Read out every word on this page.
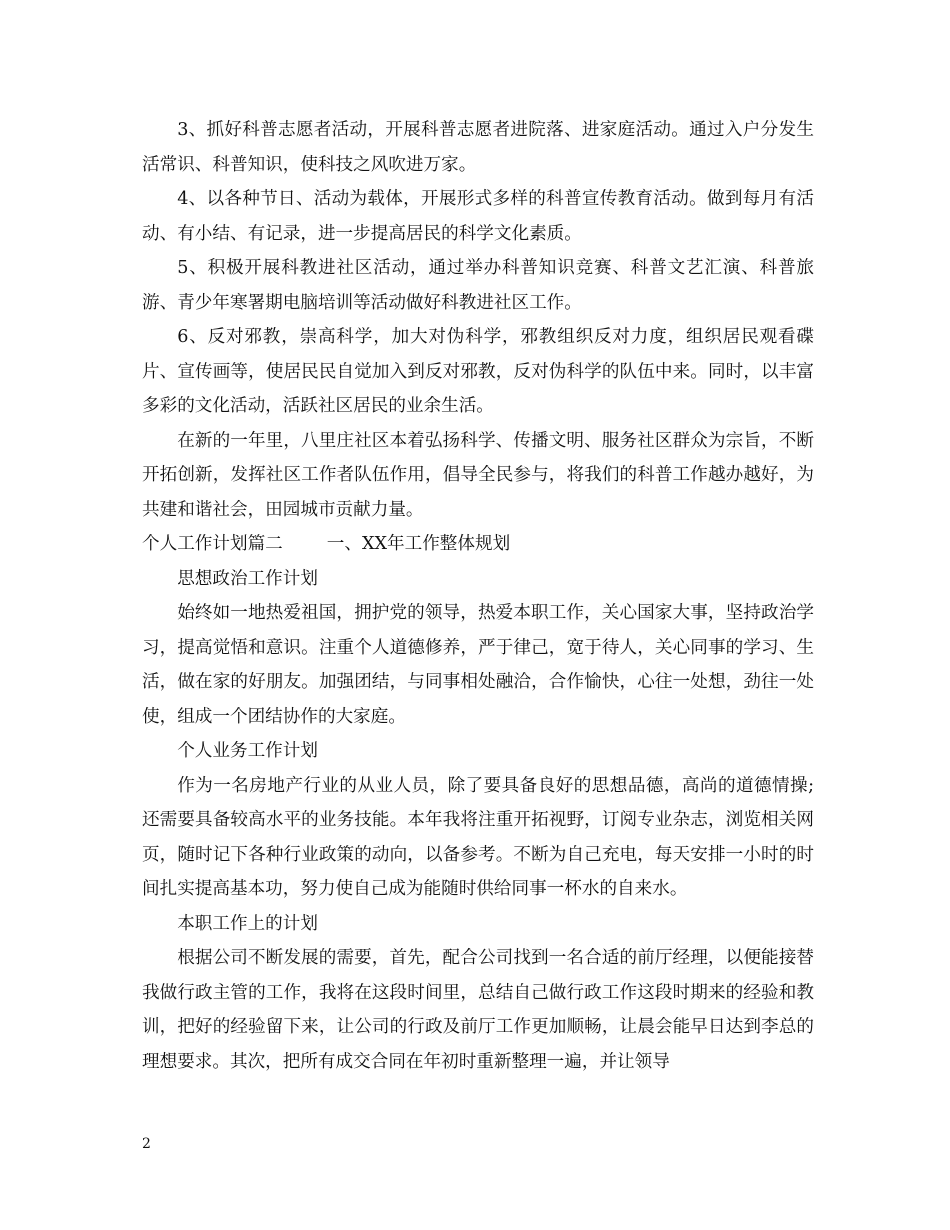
3、抓好科普志愿者活动，开展科普志愿者进院落、进家庭活动。通过入户分发生活常识、科普知识，使科技之风吹进万家。

4、以各种节日、活动为载体，开展形式多样的科普宣传教育活动。做到每月有活动、有小结、有记录，进一步提高居民的科学文化素质。

5、积极开展科教进社区活动，通过举办科普知识竞赛、科普文艺汇演、科普旅游、青少年寒署期电脑培训等活动做好科教进社区工作。

6、反对邪教，崇高科学，加大对伪科学，邪教组织反对力度，组织居民观看碟片、宣传画等，使居民民自觉加入到反对邪教，反对伪科学的队伍中来。同时，以丰富多彩的文化活动，活跃社区居民的业余生活。

在新的一年里，八里庄社区本着弘扬科学、传播文明、服务社区群众为宗旨，不断开拓创新，发挥社区工作者队伍作用，倡导全民参与，将我们的科普工作越办越好，为共建和谐社会，田园城市贡献力量。

个人工作计划篇二	一、XX年工作整体规划

思想政治工作计划

始终如一地热爱祖国，拥护党的领导，热爱本职工作，关心国家大事，坚持政治学习，提高觉悟和意识。注重个人道德修养，严于律己，宽于待人，关心同事的学习、生活，做在家的好朋友。加强团结，与同事相处融洽，合作愉快，心往一处想，劲往一处使，组成一个团结协作的大家庭。

个人业务工作计划

作为一名房地产行业的从业人员，除了要具备良好的思想品德，高尚的道德情操;还需要具备较高水平的业务技能。本年我将注重开拓视野，订阅专业杂志，浏览相关网页，随时记下各种行业政策的动向，以备参考。不断为自己充电，每天安排一小时的时间扎实提高基本功，努力使自己成为能随时供给同事一杯水的自来水。

本职工作上的计划

根据公司不断发展的需要，首先，配合公司找到一名合适的前厅经理，以便能接替我做行政主管的工作，我将在这段时间里，总结自己做行政工作这段时期来的经验和教训，把好的经验留下来，让公司的行政及前厅工作更加顺畅，让晨会能早日达到李总的理想要求。其次，把所有成交合同在年初时重新整理一遍，并让领导

2
